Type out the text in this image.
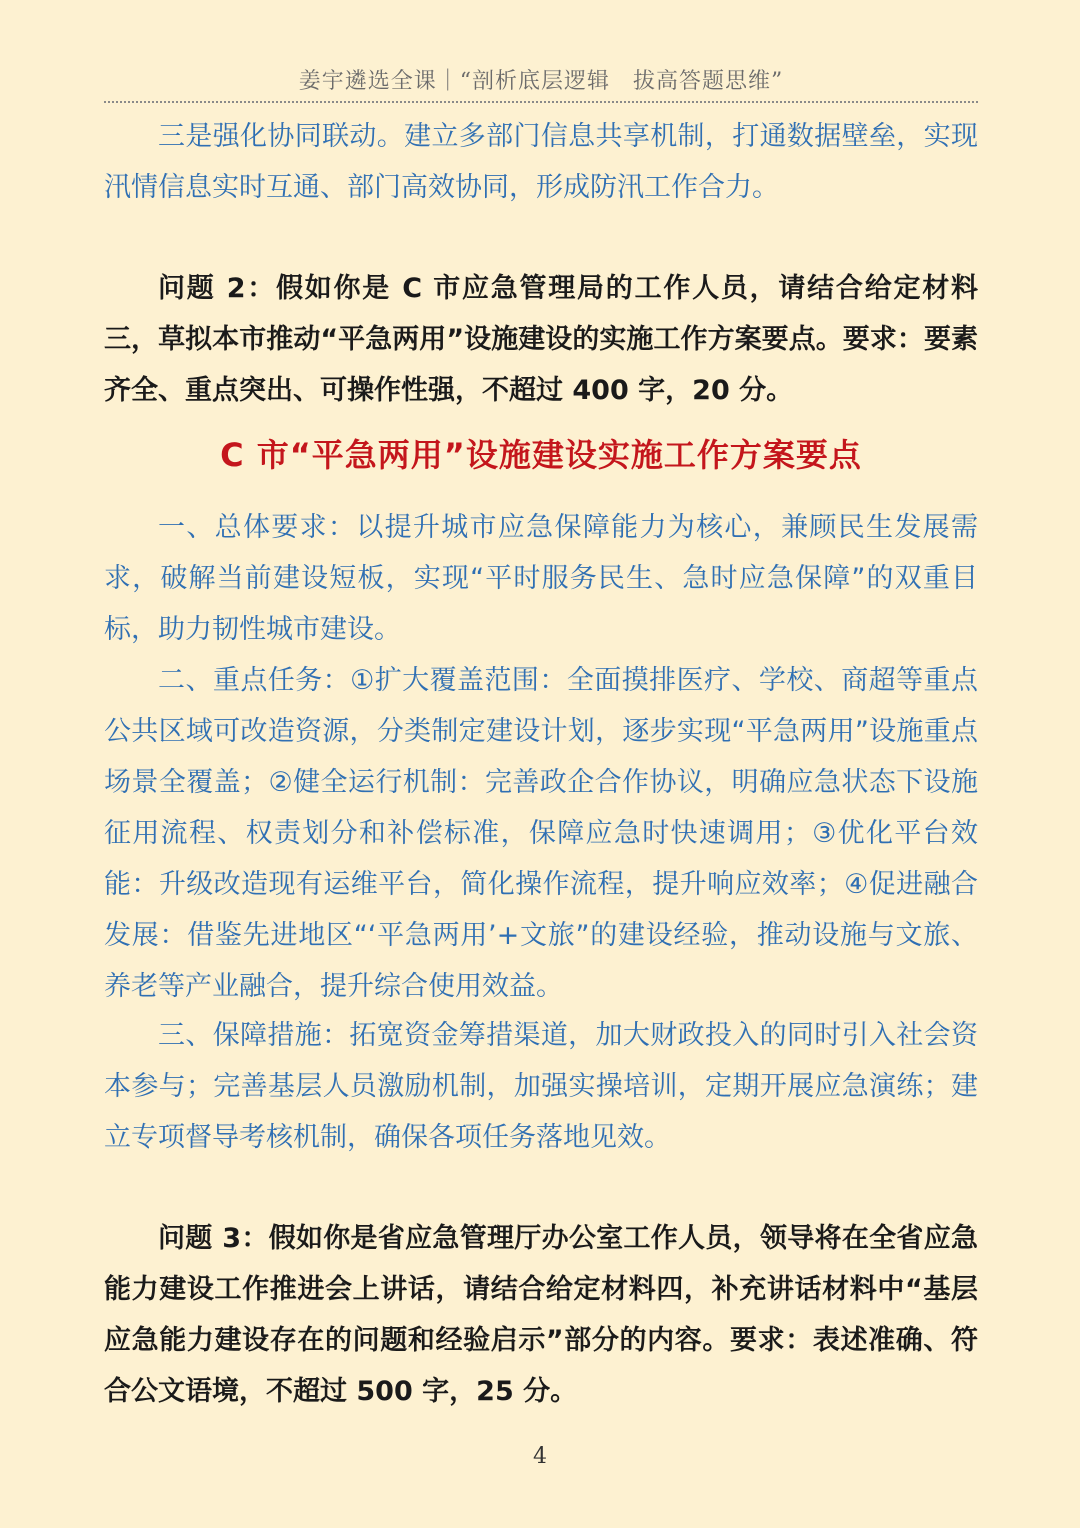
姜宇遴选全课｜“剖析底层逻辑　拔高答题思维”

三是强化协同联动。建立多部门信息共享机制，打通数据壁垒，实现汛情信息实时互通、部门高效协同，形成防汛工作合力。

问题 2：假如你是 C 市应急管理局的工作人员，请结合给定材料三，草拟本市推动“平急两用”设施建设的实施工作方案要点。要求：要素齐全、重点突出、可操作性强，不超过 400 字，20 分。

C 市“平急两用”设施建设实施工作方案要点

一、总体要求：以提升城市应急保障能力为核心，兼顾民生发展需求，破解当前建设短板，实现“平时服务民生、急时应急保障”的双重目标，助力韧性城市建设。

二、重点任务：①扩大覆盖范围：全面摸排医疗、学校、商超等重点公共区域可改造资源，分类制定建设计划，逐步实现“平急两用”设施重点场景全覆盖；②健全运行机制：完善政企合作协议，明确应急状态下设施征用流程、权责划分和补偿标准，保障应急时快速调用；③优化平台效能：升级改造现有运维平台，简化操作流程，提升响应效率；④促进融合发展：借鉴先进地区“‘平急两用’+文旅”的建设经验，推动设施与文旅、养老等产业融合，提升综合使用效益。

三、保障措施：拓宽资金筹措渠道，加大财政投入的同时引入社会资本参与；完善基层人员激励机制，加强实操培训，定期开展应急演练；建立专项督导考核机制，确保各项任务落地见效。

问题 3：假如你是省应急管理厅办公室工作人员，领导将在全省应急能力建设工作推进会上讲话，请结合给定材料四，补充讲话材料中“基层应急能力建设存在的问题和经验启示”部分的内容。要求：表述准确、符合公文语境，不超过 500 字，25 分。

4
